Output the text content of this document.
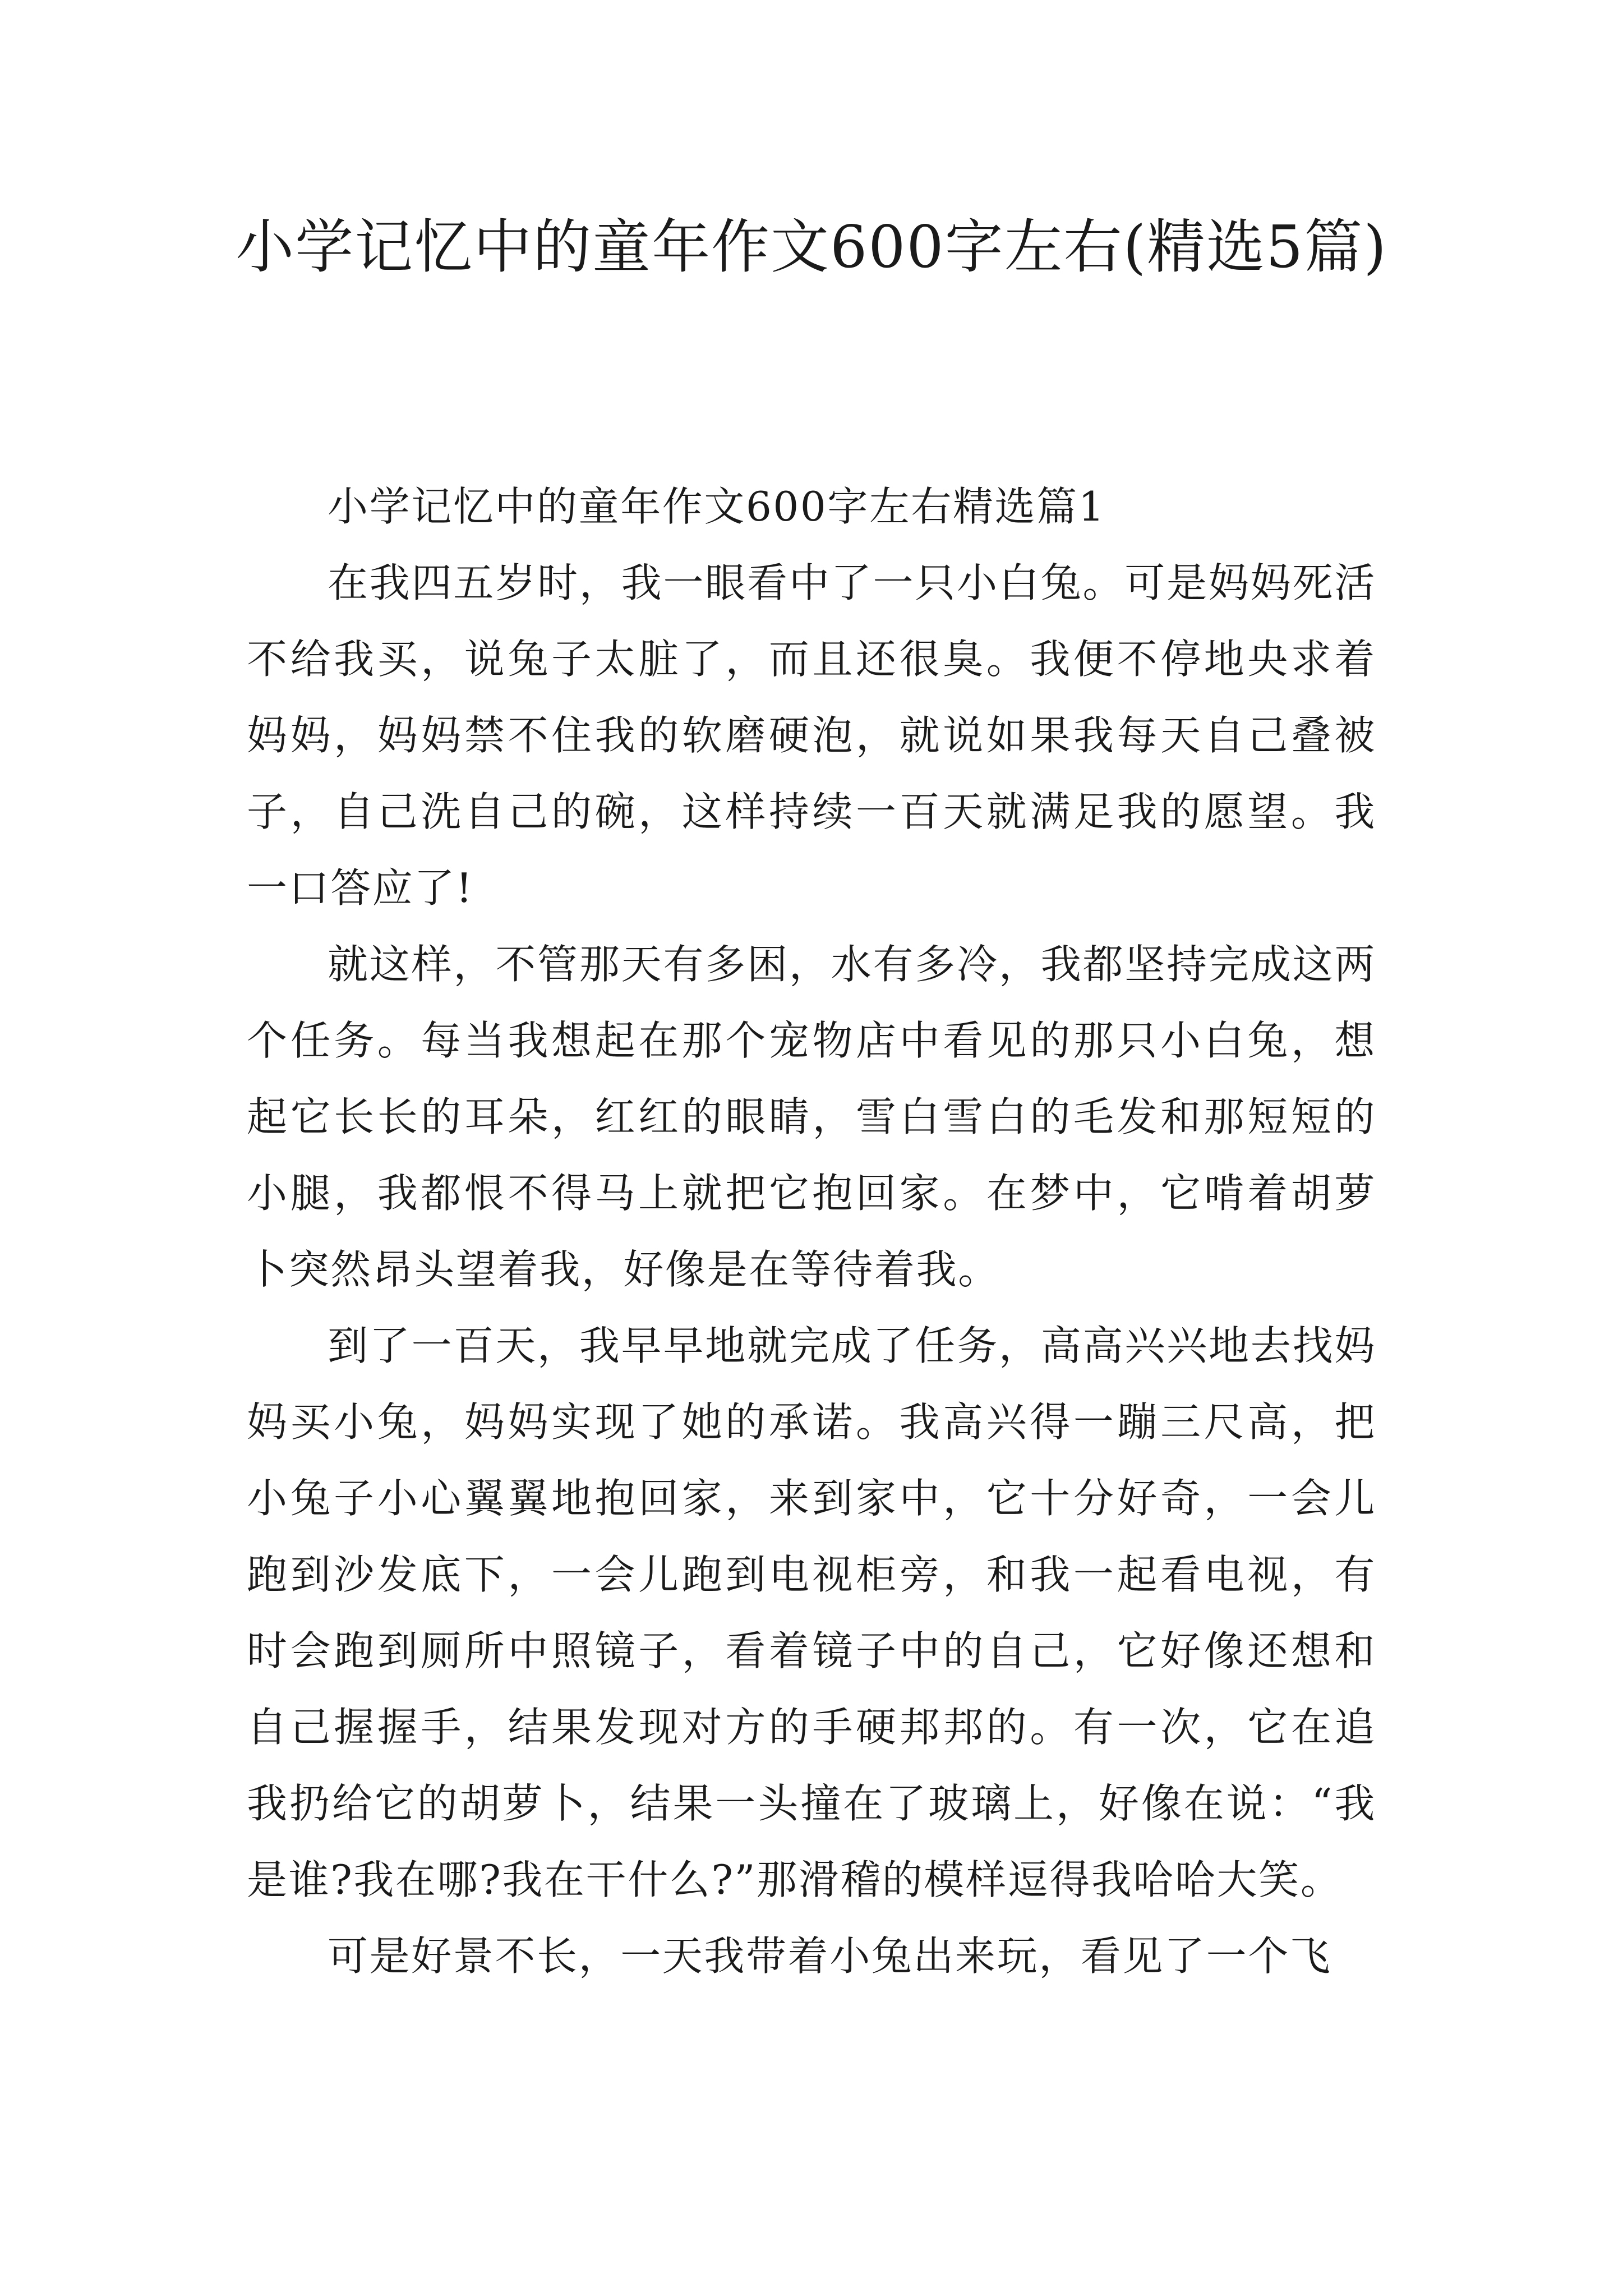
小学记忆中的童年作文600字左右(精选5篇)

小学记忆中的童年作文600字左右精选篇1

在我四五岁时，我一眼看中了一只小白兔。可是妈妈死活不给我买，说兔子太脏了，而且还很臭。我便不停地央求着妈妈，妈妈禁不住我的软磨硬泡，就说如果我每天自己叠被子，自己洗自己的碗，这样持续一百天就满足我的愿望。我一口答应了!

就这样，不管那天有多困，水有多冷，我都坚持完成这两个任务。每当我想起在那个宠物店中看见的那只小白兔，想起它长长的耳朵，红红的眼睛，雪白雪白的毛发和那短短的小腿，我都恨不得马上就把它抱回家。在梦中，它啃着胡萝卜突然昂头望着我，好像是在等待着我。

到了一百天，我早早地就完成了任务，高高兴兴地去找妈妈买小兔，妈妈实现了她的承诺。我高兴得一蹦三尺高，把小兔子小心翼翼地抱回家，来到家中，它十分好奇，一会儿跑到沙发底下，一会儿跑到电视柜旁，和我一起看电视，有时会跑到厕所中照镜子，看着镜子中的自己，它好像还想和自己握握手，结果发现对方的手硬邦邦的。有一次，它在追我扔给它的胡萝卜，结果一头撞在了玻璃上，好像在说：“我是谁?我在哪?我在干什么?”那滑稽的模样逗得我哈哈大笑。

可是好景不长，一天我带着小兔出来玩，看见了一个飞
